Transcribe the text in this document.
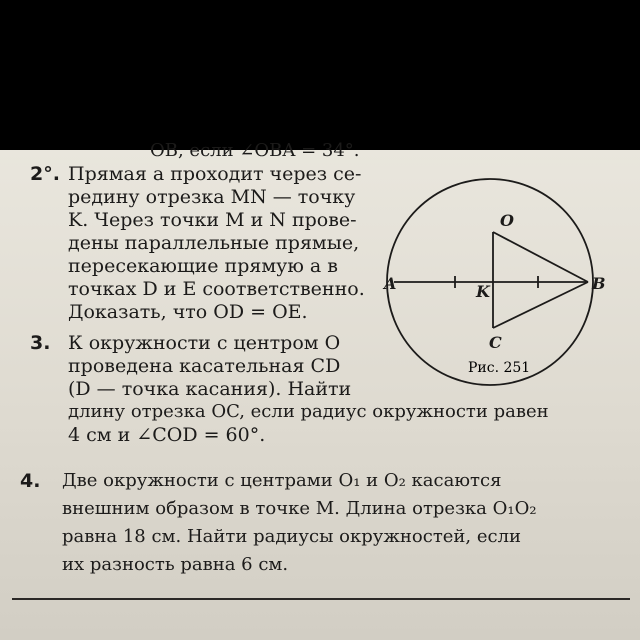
OB, если ∠OBA = 34°.
2°. Прямая a проходит через се-
редину отрезка MN — точку
K. Через точки M и N прове-
дены параллельные прямые,
пересекающие прямую a в
точках D и E соответственно.
Доказать, что OD = OE.
3. К окружности с центром O
проведена касательная CD
(D — точка касания). Найти
длину отрезка OC, если радиус окружности равен
4 см и ∠COD = 60°.
4. Две окружности с центрами O₁ и O₂ касаются
внешним образом в точке M. Длина отрезка O₁O₂
равна 18 см. Найти радиусы окружностей, если
их разность равна 6 см.
O
A	B
K
C
Рис. 251
